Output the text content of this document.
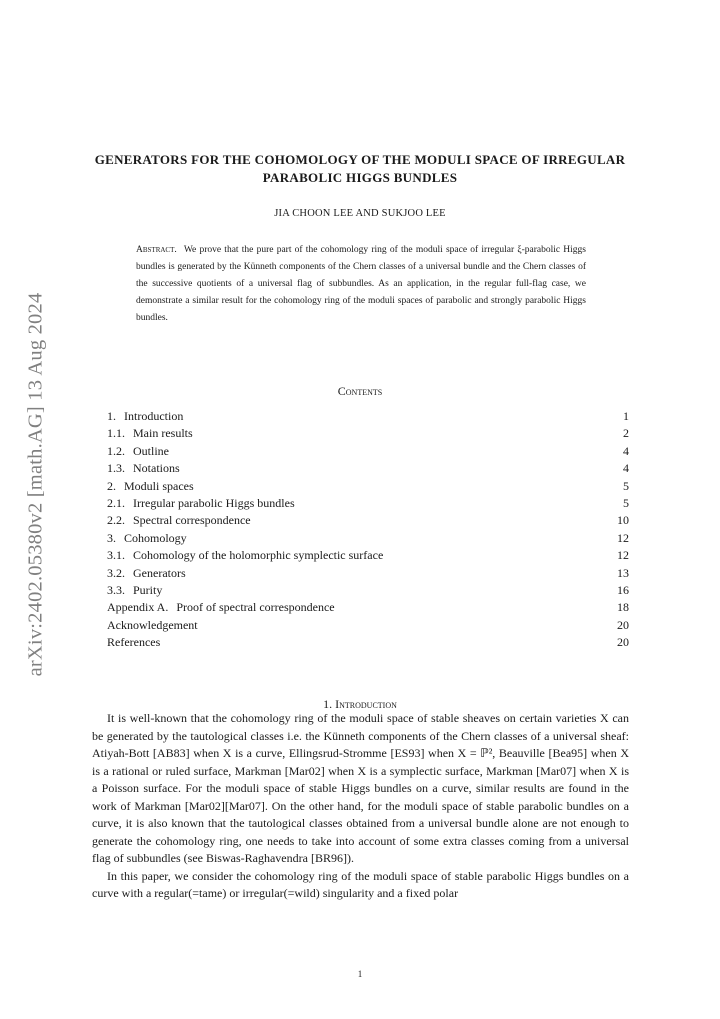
arXiv:2402.05380v2 [math.AG] 13 Aug 2024
GENERATORS FOR THE COHOMOLOGY OF THE MODULI SPACE OF IRREGULAR PARABOLIC HIGGS BUNDLES
JIA CHOON LEE AND SUKJOO LEE
Abstract. We prove that the pure part of the cohomology ring of the moduli space of irregular ξ-parabolic Higgs bundles is generated by the Künneth components of the Chern classes of a universal bundle and the Chern classes of the successive quotients of a universal flag of subbundles. As an application, in the regular full-flag case, we demonstrate a similar result for the cohomology ring of the moduli spaces of parabolic and strongly parabolic Higgs bundles.
Contents
1. Introduction	1
1.1. Main results	2
1.2. Outline	4
1.3. Notations	4
2. Moduli spaces	5
2.1. Irregular parabolic Higgs bundles	5
2.2. Spectral correspondence	10
3. Cohomology	12
3.1. Cohomology of the holomorphic symplectic surface	12
3.2. Generators	13
3.3. Purity	16
Appendix A. Proof of spectral correspondence	18
Acknowledgement	20
References	20
1. Introduction

It is well-known that the cohomology ring of the moduli space of stable sheaves on certain varieties X can be generated by the tautological classes i.e. the Künneth components of the Chern classes of a universal sheaf: Atiyah-Bott [AB83] when X is a curve, Ellingsrud-Stromme [ES93] when X = ℙ², Beauville [Bea95] when X is a rational or ruled surface, Markman [Mar02] when X is a symplectic surface, Markman [Mar07] when X is a Poisson surface. For the moduli space of stable Higgs bundles on a curve, similar results are found in the work of Markman [Mar02][Mar07]. On the other hand, for the moduli space of stable parabolic bundles on a curve, it is also known that the tautological classes obtained from a universal bundle alone are not enough to generate the cohomology ring, one needs to take into account of some extra classes coming from a universal flag of subbundles (see Biswas-Raghavendra [BR96]).

In this paper, we consider the cohomology ring of the moduli space of stable parabolic Higgs bundles on a curve with a regular(=tame) or irregular(=wild) singularity and a fixed polar

1
